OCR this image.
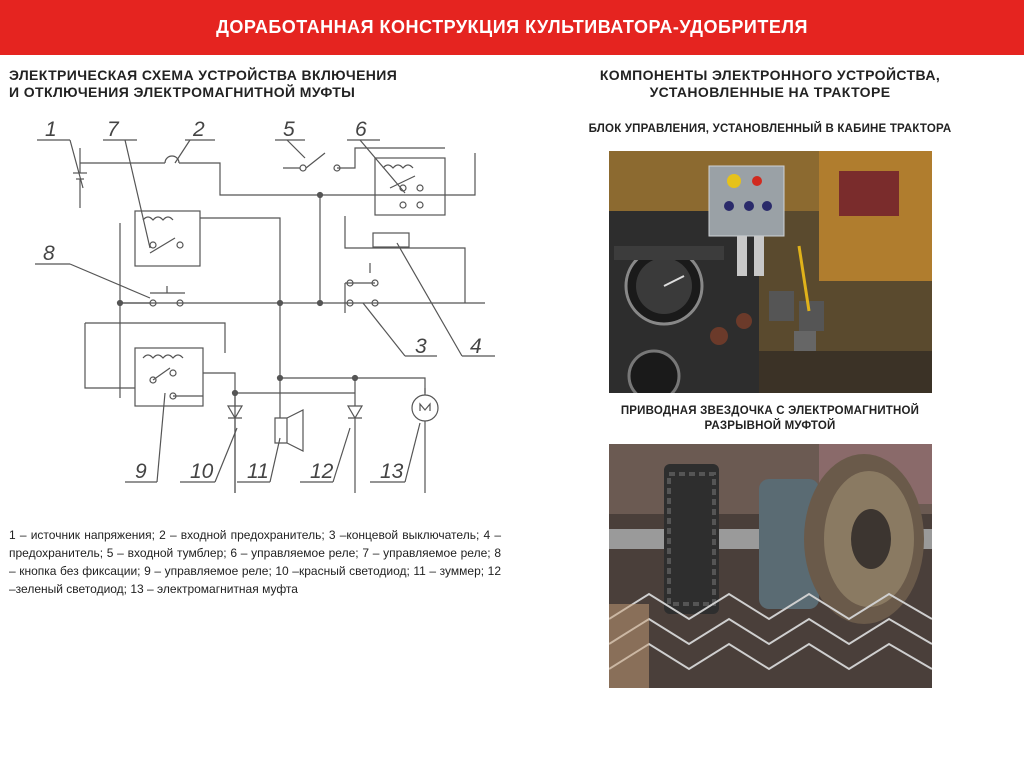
ДОРАБОТАННАЯ КОНСТРУКЦИЯ КУЛЬТИВАТОРА-УДОБРИТЕЛЯ
ЭЛЕКТРИЧЕСКАЯ СХЕМА УСТРОЙСТВА ВКЛЮЧЕНИЯ
И ОТКЛЮЧЕНИЯ ЭЛЕКТРОМАГНИТНОЙ МУФТЫ
КОМПОНЕНТЫ ЭЛЕКТРОННОГО УСТРОЙСТВА,
УСТАНОВЛЕННЫЕ НА ТРАКТОРЕ
1 7	2	5	6
8
3 4
9 10 11 12 13
1 – источник напряжения; 2 – входной предохранитель; 3 –концевой выключатель; 4 – предохранитель; 5 – входной тумблер; 6 – управляемое реле; 7 – управляемое реле; 8 – кнопка без фиксации; 9 – управляемое реле; 10 –красный светодиод; 11 – зуммер; 12 –зеленый светодиод; 13 – электромагнитная муфта
БЛОК УПРАВЛЕНИЯ, УСТАНОВЛЕННЫЙ В КАБИНЕ ТРАКТОРА
ПРИВОДНАЯ ЗВЕЗДОЧКА С ЭЛЕКТРОМАГНИТНОЙ
РАЗРЫВНОЙ МУФТОЙ
